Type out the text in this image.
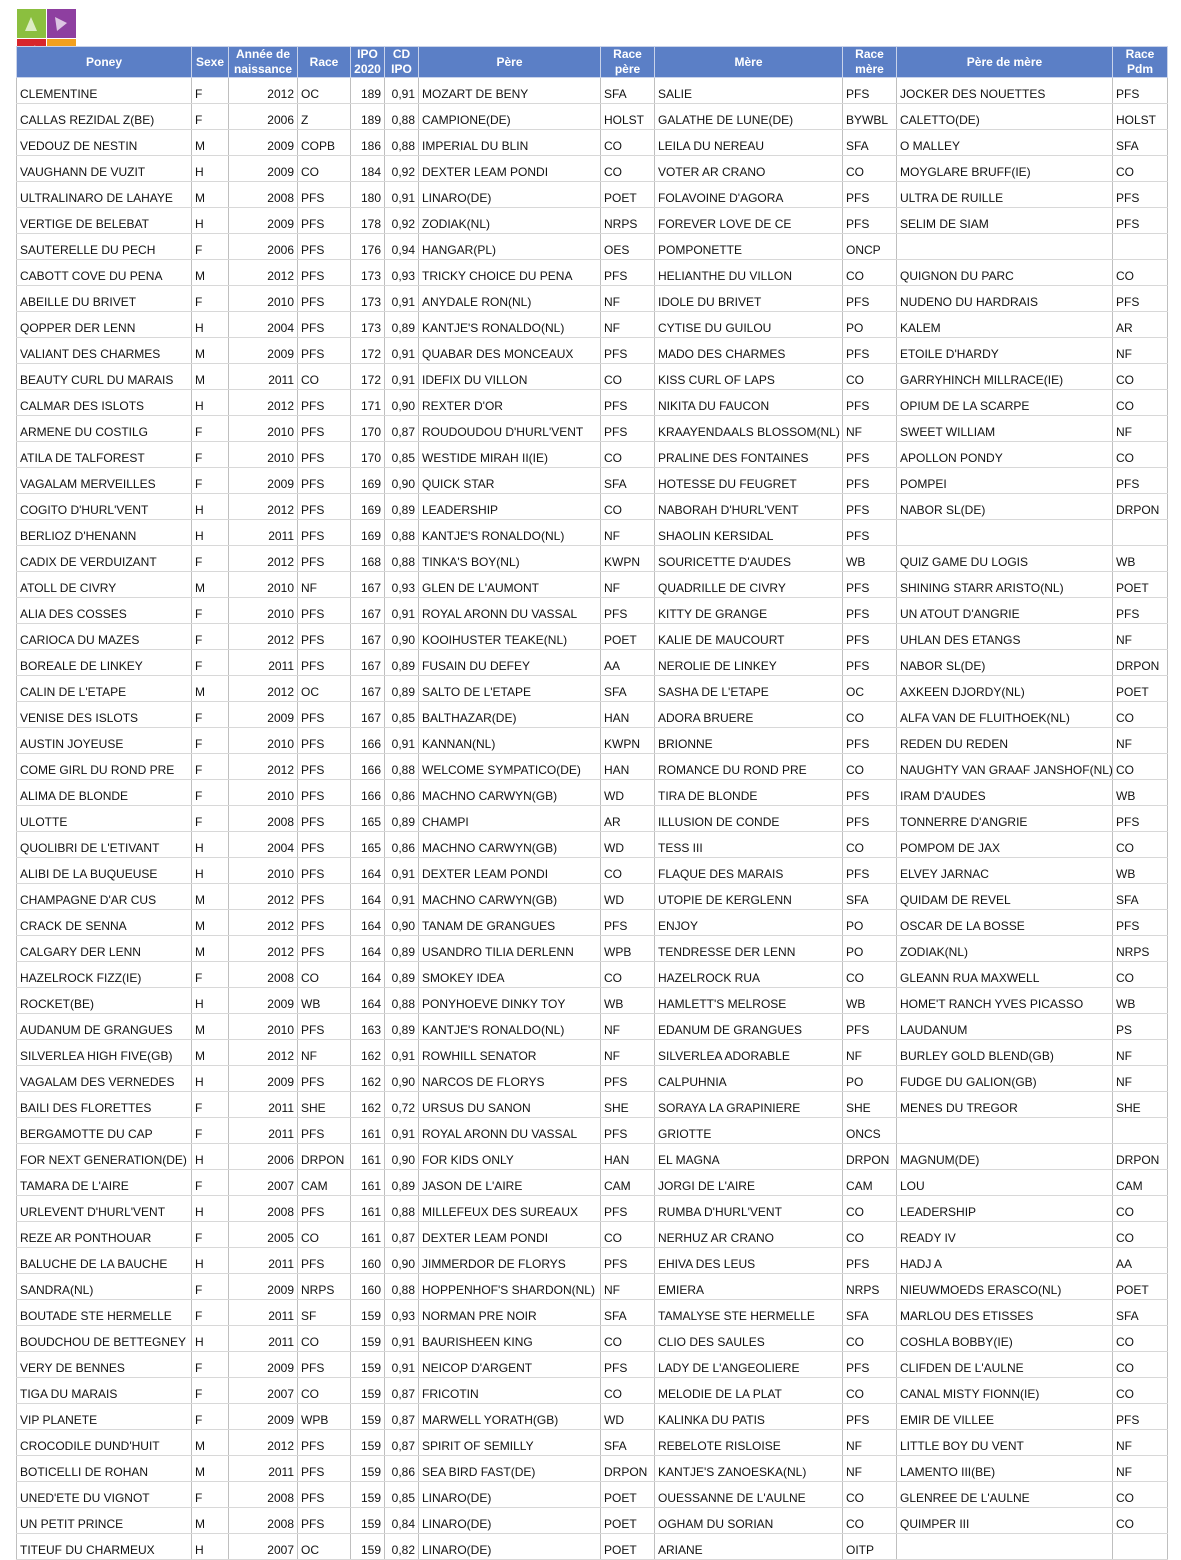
Poney	Sexe	Année de naissance	Race	IPO 2020	CD IPO	Père	Race père	Mère	Race mère	Père de mère	Race Pdm
CLEMENTINE	F	2012	OC	189	0,91	MOZART DE BENY	SFA	SALIE	PFS	JOCKER DES NOUETTES	PFS
CALLAS REZIDAL Z(BE)	F	2006	Z	189	0,88	CAMPIONE(DE)	HOLST	GALATHE DE LUNE(DE)	BYWBL	CALETTO(DE)	HOLST
VEDOUZ DE NESTIN	M	2009	COPB	186	0,88	IMPERIAL DU BLIN	CO	LEILA DU NEREAU	SFA	O MALLEY	SFA
VAUGHANN DE VUZIT	H	2009	CO	184	0,92	DEXTER LEAM PONDI	CO	VOTER AR CRANO	CO	MOYGLARE BRUFF(IE)	CO
ULTRALINARO DE LAHAYE	M	2008	PFS	180	0,91	LINARO(DE)	POET	FOLAVOINE D'AGORA	PFS	ULTRA DE RUILLE	PFS
VERTIGE DE BELEBAT	H	2009	PFS	178	0,92	ZODIAK(NL)	NRPS	FOREVER LOVE DE CE	PFS	SELIM DE SIAM	PFS
SAUTERELLE DU PECH	F	2006	PFS	176	0,94	HANGAR(PL)	OES	POMPONETTE	ONCP		
CABOTT COVE DU PENA	M	2012	PFS	173	0,93	TRICKY CHOICE DU PENA	PFS	HELIANTHE DU VILLON	CO	QUIGNON DU PARC	CO
ABEILLE DU BRIVET	F	2010	PFS	173	0,91	ANYDALE RON(NL)	NF	IDOLE DU BRIVET	PFS	NUDENO DU HARDRAIS	PFS
QOPPER DER LENN	H	2004	PFS	173	0,89	KANTJE'S RONALDO(NL)	NF	CYTISE DU GUILOU	PO	KALEM	AR
VALIANT DES CHARMES	M	2009	PFS	172	0,91	QUABAR DES MONCEAUX	PFS	MADO DES CHARMES	PFS	ETOILE D'HARDY	NF
BEAUTY CURL DU MARAIS	M	2011	CO	172	0,91	IDEFIX DU VILLON	CO	KISS CURL OF LAPS	CO	GARRYHINCH MILLRACE(IE)	CO
CALMAR DES ISLOTS	H	2012	PFS	171	0,90	REXTER D'OR	PFS	NIKITA DU FAUCON	PFS	OPIUM DE LA SCARPE	CO
ARMENE DU COSTILG	F	2010	PFS	170	0,87	ROUDOUDOU D'HURL'VENT	PFS	KRAAYENDAALS BLOSSOM(NL)	NF	SWEET WILLIAM	NF
ATILA DE TALFOREST	F	2010	PFS	170	0,85	WESTIDE MIRAH II(IE)	CO	PRALINE DES FONTAINES	PFS	APOLLON PONDY	CO
VAGALAM MERVEILLES	F	2009	PFS	169	0,90	QUICK STAR	SFA	HOTESSE DU FEUGRET	PFS	POMPEI	PFS
COGITO D'HURL'VENT	H	2012	PFS	169	0,89	LEADERSHIP	CO	NABORAH D'HURL'VENT	PFS	NABOR SL(DE)	DRPON
BERLIOZ D'HENANN	H	2011	PFS	169	0,88	KANTJE'S RONALDO(NL)	NF	SHAOLIN KERSIDAL	PFS		
CADIX DE VERDUIZANT	F	2012	PFS	168	0,88	TINKA'S BOY(NL)	KWPN	SOURICETTE D'AUDES	WB	QUIZ GAME DU LOGIS	WB
ATOLL DE CIVRY	M	2010	NF	167	0,93	GLEN DE L'AUMONT	NF	QUADRILLE DE CIVRY	PFS	SHINING STARR ARISTO(NL)	POET
ALIA DES COSSES	F	2010	PFS	167	0,91	ROYAL ARONN DU VASSAL	PFS	KITTY DE GRANGE	PFS	UN ATOUT D'ANGRIE	PFS
CARIOCA DU MAZES	F	2012	PFS	167	0,90	KOOIHUSTER TEAKE(NL)	POET	KALIE DE MAUCOURT	PFS	UHLAN DES ETANGS	NF
BOREALE DE LINKEY	F	2011	PFS	167	0,89	FUSAIN DU DEFEY	AA	NEROLIE DE LINKEY	PFS	NABOR SL(DE)	DRPON
CALIN DE L'ETAPE	M	2012	OC	167	0,89	SALTO DE L'ETAPE	SFA	SASHA DE L'ETAPE	OC	AXKEEN DJORDY(NL)	POET
VENISE DES ISLOTS	F	2009	PFS	167	0,85	BALTHAZAR(DE)	HAN	ADORA BRUERE	CO	ALFA VAN DE FLUITHOEK(NL)	CO
AUSTIN JOYEUSE	F	2010	PFS	166	0,91	KANNAN(NL)	KWPN	BRIONNE	PFS	REDEN DU REDEN	NF
COME GIRL DU ROND PRE	F	2012	PFS	166	0,88	WELCOME SYMPATICO(DE)	HAN	ROMANCE DU ROND PRE	CO	NAUGHTY VAN GRAAF JANSHOF(NL)	CO
ALIMA DE BLONDE	F	2010	PFS	166	0,86	MACHNO CARWYN(GB)	WD	TIRA DE BLONDE	PFS	IRAM D'AUDES	WB
ULOTTE	F	2008	PFS	165	0,89	CHAMPI	AR	ILLUSION DE CONDE	PFS	TONNERRE D'ANGRIE	PFS
QUOLIBRI DE L'ETIVANT	H	2004	PFS	165	0,86	MACHNO CARWYN(GB)	WD	TESS III	CO	POMPOM DE JAX	CO
ALIBI DE LA BUQUEUSE	H	2010	PFS	164	0,91	DEXTER LEAM PONDI	CO	FLAQUE DES MARAIS	PFS	ELVEY JARNAC	WB
CHAMPAGNE D'AR CUS	M	2012	PFS	164	0,91	MACHNO CARWYN(GB)	WD	UTOPIE DE KERGLENN	SFA	QUIDAM DE REVEL	SFA
CRACK DE SENNA	M	2012	PFS	164	0,90	TANAM DE GRANGUES	PFS	ENJOY	PO	OSCAR DE LA BOSSE	PFS
CALGARY DER LENN	M	2012	PFS	164	0,89	USANDRO TILIA DERLENN	WPB	TENDRESSE DER LENN	PO	ZODIAK(NL)	NRPS
HAZELROCK FIZZ(IE)	F	2008	CO	164	0,89	SMOKEY IDEA	CO	HAZELROCK RUA	CO	GLEANN RUA MAXWELL	CO
ROCKET(BE)	H	2009	WB	164	0,88	PONYHOEVE DINKY TOY	WB	HAMLETT'S MELROSE	WB	HOME'T RANCH YVES PICASSO	WB
AUDANUM DE GRANGUES	M	2010	PFS	163	0,89	KANTJE'S RONALDO(NL)	NF	EDANUM DE GRANGUES	PFS	LAUDANUM	PS
SILVERLEA HIGH FIVE(GB)	M	2012	NF	162	0,91	ROWHILL SENATOR	NF	SILVERLEA ADORABLE	NF	BURLEY GOLD BLEND(GB)	NF
VAGALAM DES VERNEDES	H	2009	PFS	162	0,90	NARCOS DE FLORYS	PFS	CALPUHNIA	PO	FUDGE DU GALION(GB)	NF
BAILI DES FLORETTES	F	2011	SHE	162	0,72	URSUS DU SANON	SHE	SORAYA LA GRAPINIERE	SHE	MENES DU TREGOR	SHE
BERGAMOTTE DU CAP	F	2011	PFS	161	0,91	ROYAL ARONN DU VASSAL	PFS	GRIOTTE	ONCS		
FOR NEXT GENERATION(DE)	H	2006	DRPON	161	0,90	FOR KIDS ONLY	HAN	EL MAGNA	DRPON	MAGNUM(DE)	DRPON
TAMARA DE L'AIRE	F	2007	CAM	161	0,89	JASON DE L'AIRE	CAM	JORGI DE L'AIRE	CAM	LOU	CAM
URLEVENT D'HURL'VENT	H	2008	PFS	161	0,88	MILLEFEUX DES SUREAUX	PFS	RUMBA D'HURL'VENT	CO	LEADERSHIP	CO
REZE AR PONTHOUAR	F	2005	CO	161	0,87	DEXTER LEAM PONDI	CO	NERHUZ AR CRANO	CO	READY IV	CO
BALUCHE DE LA BAUCHE	H	2011	PFS	160	0,90	JIMMERDOR DE FLORYS	PFS	EHIVA DES LEUS	PFS	HADJ A	AA
SANDRA(NL)	F	2009	NRPS	160	0,88	HOPPENHOF'S SHARDON(NL)	NF	EMIERA	NRPS	NIEUWMOEDS ERASCO(NL)	POET
BOUTADE STE HERMELLE	F	2011	SF	159	0,93	NORMAN PRE NOIR	SFA	TAMALYSE STE HERMELLE	SFA	MARLOU DES ETISSES	SFA
BOUDCHOU DE BETTEGNEY	H	2011	CO	159	0,91	BAURISHEEN KING	CO	CLIO DES SAULES	CO	COSHLA BOBBY(IE)	CO
VERY DE BENNES	F	2009	PFS	159	0,91	NEICOP D'ARGENT	PFS	LADY DE L'ANGEOLIERE	PFS	CLIFDEN DE L'AULNE	CO
TIGA DU MARAIS	F	2007	CO	159	0,87	FRICOTIN	CO	MELODIE DE LA PLAT	CO	CANAL MISTY FIONN(IE)	CO
VIP PLANETE	F	2009	WPB	159	0,87	MARWELL YORATH(GB)	WD	KALINKA DU PATIS	PFS	EMIR DE VILLEE	PFS
CROCODILE DUND'HUIT	M	2012	PFS	159	0,87	SPIRIT OF SEMILLY	SFA	REBELOTE RISLOISE	NF	LITTLE BOY DU VENT	NF
BOTICELLI DE ROHAN	M	2011	PFS	159	0,86	SEA BIRD FAST(DE)	DRPON	KANTJE'S ZANOESKA(NL)	NF	LAMENTO III(BE)	NF
UNED'ETE DU VIGNOT	F	2008	PFS	159	0,85	LINARO(DE)	POET	OUESSANNE DE L'AULNE	CO	GLENREE DE L'AULNE	CO
UN PETIT PRINCE	M	2008	PFS	159	0,84	LINARO(DE)	POET	OGHAM DU SORIAN	CO	QUIMPER III	CO
TITEUF DU CHARMEUX	H	2007	OC	159	0,82	LINARO(DE)	POET	ARIANE	OITP		
